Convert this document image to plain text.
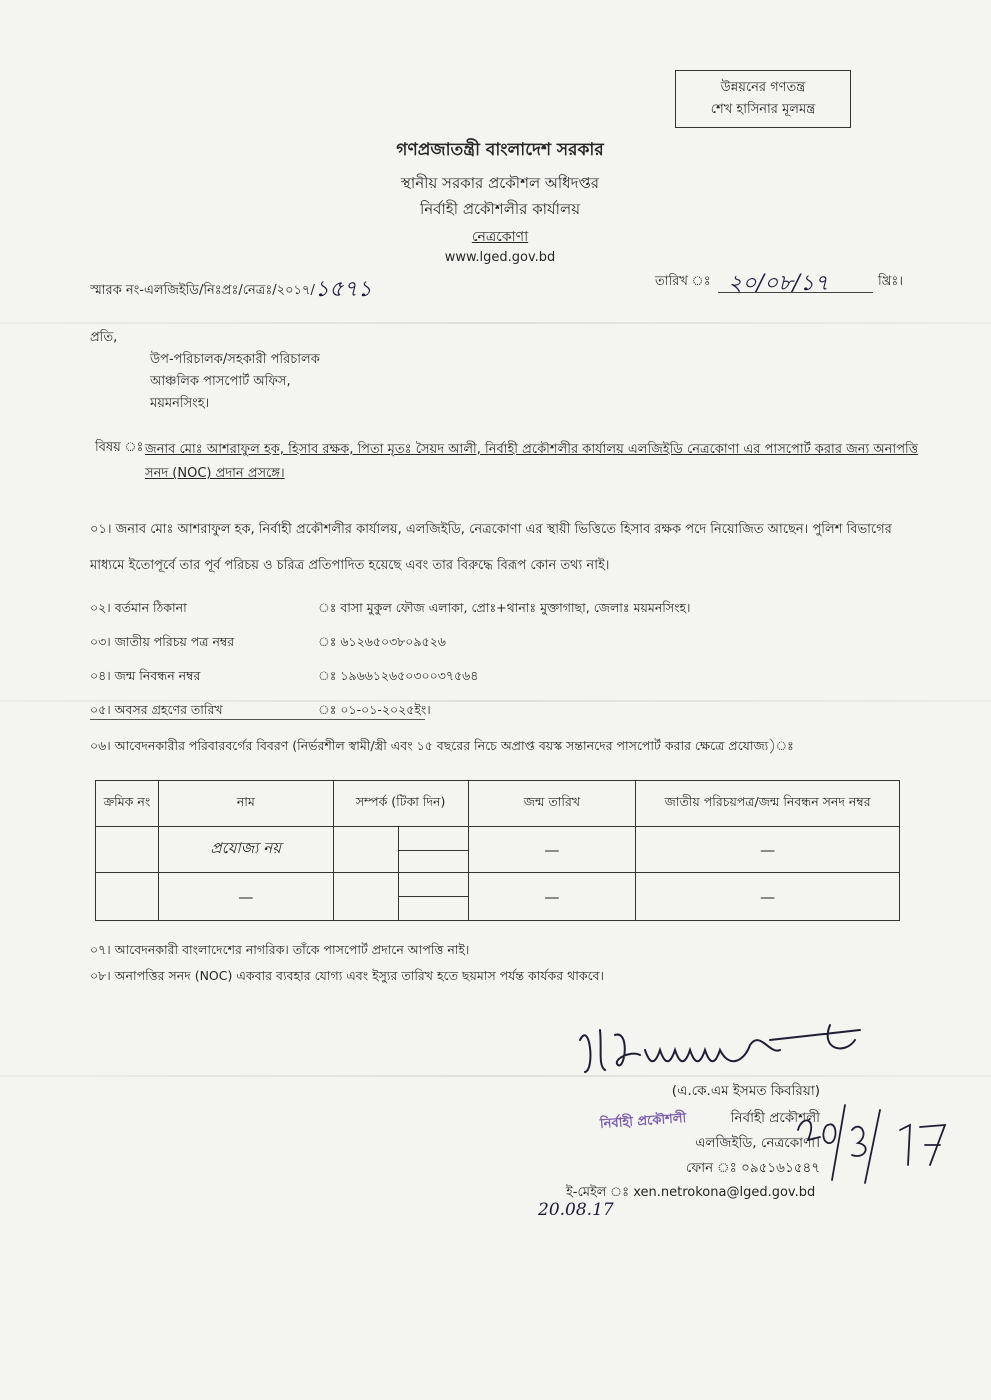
উন্নয়নের গণতন্ত্র
শেখ হাসিনার মূলমন্ত্র
গণপ্রজাতন্ত্রী বাংলাদেশ সরকার
স্থানীয় সরকার প্রকৌশল অধিদপ্তর
নির্বাহী প্রকৌশলীর কার্যালয়
নেত্রকোণা
www.lged.gov.bd
স্মারক নং-এলজিইডি/নিঃপ্রঃ/নেত্রঃ/২০১৭/১৫৭১	তারিখ ঃ ২০/০৮/১৭	খ্রিঃ।
প্রতি,
উপ-পরিচালক/সহকারী পরিচালক
আঞ্চলিক পাসপোর্ট অফিস,
ময়মনসিংহ।
বিষয় ঃ জনাব মোঃ আশরাফুল হক, হিসাব রক্ষক, পিতা মৃতঃ সৈয়দ আলী, নির্বাহী প্রকৌশলীর কার্যালয় এলজিইডি নেত্রকোণা এর পাসপোর্ট করার জন্য অনাপত্তি সনদ (NOC) প্রদান প্রসঙ্গে।
০১। জনাব মোঃ আশরাফুল হক, নির্বাহী প্রকৌশলীর কার্যালয়, এলজিইডি, নেত্রকোণা এর স্থায়ী ভিত্তিতে হিসাব রক্ষক পদে নিয়োজিত আছেন। পুলিশ বিভাগের মাধ্যমে ইতোপূর্বে তার পূর্ব পরিচয় ও চরিত্র প্রতিপাদিত হয়েছে এবং তার বিরুদ্ধে বিরূপ কোন তথ্য নাই।
০২। বর্তমান ঠিকানা	ঃ বাসা মুকুল ফৌজ এলাকা, প্রোঃ+থানাঃ মুক্তাগাছা, জেলাঃ ময়মনসিংহ।
০৩। জাতীয় পরিচয় পত্র নম্বর	ঃ ৬১২৬৫০৩৮০৯৫২৬
০৪। জন্ম নিবন্ধন নম্বর	ঃ ১৯৬৬১২৬৫০৩০০৩৭৫৬৪
০৫। অবসর গ্রহণের তারিখ	ঃ ০১-০১-২০২৫ইং।
০৬। আবেদনকারীর পরিবারবর্গের বিবরণ (নির্ভরশীল স্বামী/স্ত্রী এবং ১৫ বছরের নিচে অপ্রাপ্ত বয়স্ক সন্তানদের পাসপোর্ট করার ক্ষেত্রে প্রযোজ্য)ঃ
ক্রমিক নং	নাম	সম্পর্ক (টিকা দিন)		জন্ম তারিখ	জাতীয় পরিচয়পত্র/জন্ম নিবন্ধন সনদ নম্বর
	প্রযোজ্য নয়			—	—

	—			—	—

০৭। আবেদনকারী বাংলাদেশের নাগরিক। তাঁকে পাসপোর্ট প্রদানে আপত্তি নাই।
০৮। অনাপত্তির সনদ (NOC) একবার ব্যবহার যোগ্য এবং ইস্যুর তারিখ হতে ছয়মাস পর্যন্ত কার্যকর থাকবে।
(এ.কে.এম ইসমত কিবরিয়া)
নির্বাহী প্রকৌশলী
নির্বাহী প্রকৌশলী
এলজিইডি, নেত্রকোণা।
ফোন ঃ ০৯৫১৬১৫৪৭
ই-মেইল ঃ xen.netrokona@lged.gov.bd
20.08.17
